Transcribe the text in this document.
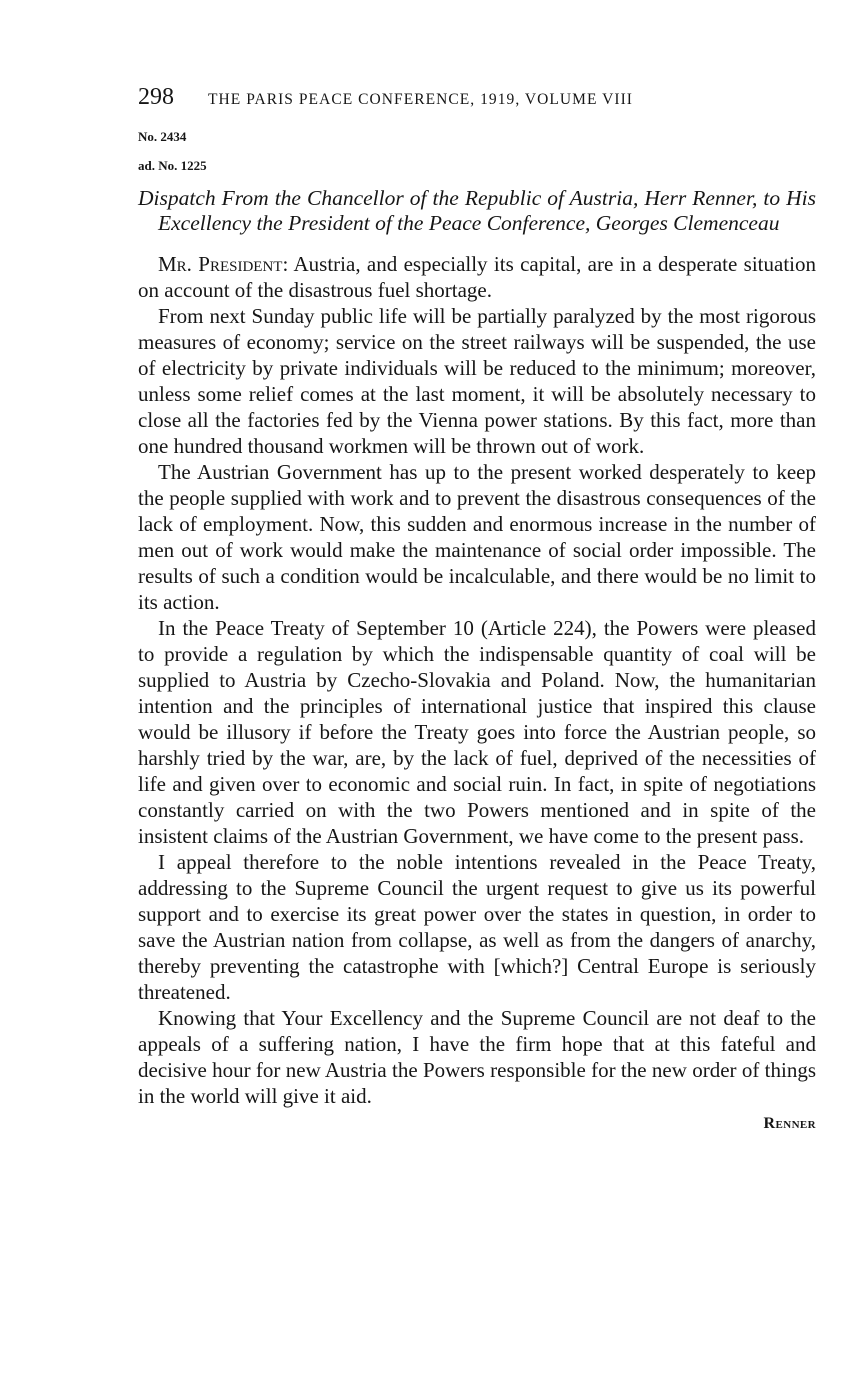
298 THE PARIS PEACE CONFERENCE, 1919, VOLUME VIII
No. 2434
ad. No. 1225
Dispatch From the Chancellor of the Republic of Austria, Herr Renner, to His Excellency the President of the Peace Conference, Georges Clemenceau

Mr. President: Austria, and especially its capital, are in a desperate situation on account of the disastrous fuel shortage.

From next Sunday public life will be partially paralyzed by the most rigorous measures of economy; service on the street railways will be suspended, the use of electricity by private individuals will be reduced to the minimum; moreover, unless some relief comes at the last moment, it will be absolutely necessary to close all the factories fed by the Vienna power stations. By this fact, more than one hundred thousand workmen will be thrown out of work.

The Austrian Government has up to the present worked desperately to keep the people supplied with work and to prevent the disastrous consequences of the lack of employment. Now, this sudden and enormous increase in the number of men out of work would make the maintenance of social order impossible. The results of such a condition would be incalculable, and there would be no limit to its action.

In the Peace Treaty of September 10 (Article 224), the Powers were pleased to provide a regulation by which the indispensable quantity of coal will be supplied to Austria by Czecho-Slovakia and Poland. Now, the humanitarian intention and the principles of international justice that inspired this clause would be illusory if before the Treaty goes into force the Austrian people, so harshly tried by the war, are, by the lack of fuel, deprived of the necessities of life and given over to economic and social ruin. In fact, in spite of negotiations constantly carried on with the two Powers mentioned and in spite of the insistent claims of the Austrian Government, we have come to the present pass.

I appeal therefore to the noble intentions revealed in the Peace Treaty, addressing to the Supreme Council the urgent request to give us its powerful support and to exercise its great power over the states in question, in order to save the Austrian nation from collapse, as well as from the dangers of anarchy, thereby preventing the catastrophe with [which?] Central Europe is seriously threatened.

Knowing that Your Excellency and the Supreme Council are not deaf to the appeals of a suffering nation, I have the firm hope that at this fateful and decisive hour for new Austria the Powers responsible for the new order of things in the world will give it aid.

Renner
